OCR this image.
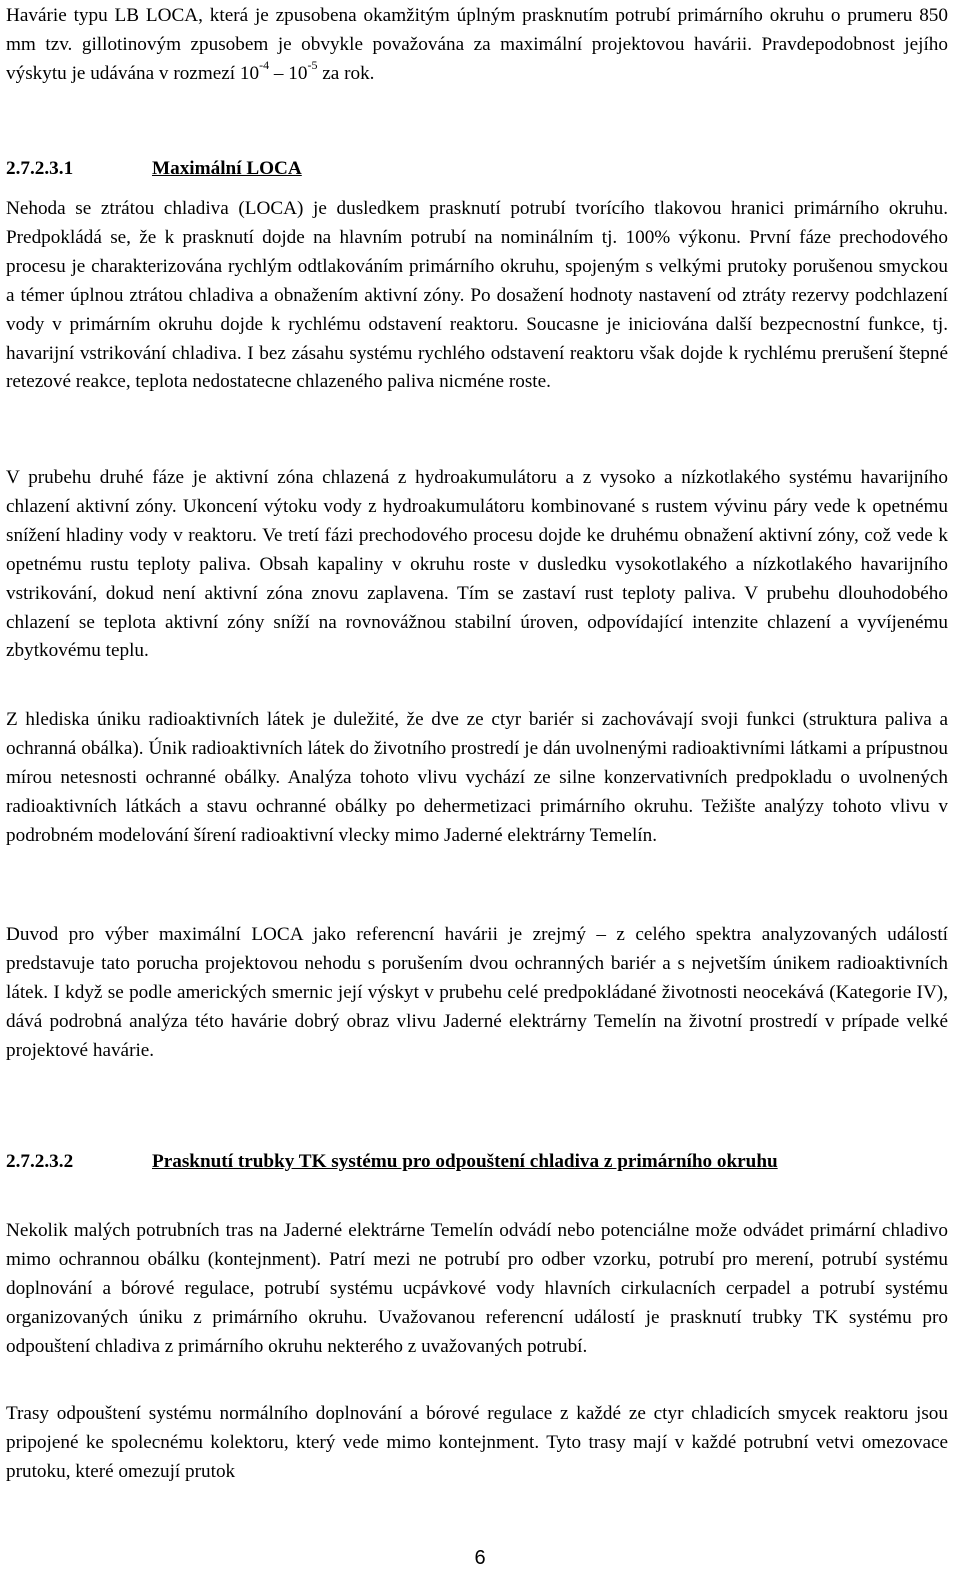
Havárie typu LB LOCA, která je zpusobena okamžitým úplným prasknutím potrubí primárního okruhu o prumeru 850 mm tzv. gillotinovým zpusobem je obvykle považována za maximální projektovou havárii. Pravdepodobnost jejího výskytu je udávána v rozmezí $10^{-4} - 10^{-5}$ za rok.

2.7.2.3.1	Maximální LOCA

Nehoda se ztrátou chladiva (LOCA) je dusledkem prasknutí potrubí tvorícího tlakovou hranici primárního okruhu. Predpokládá se, že k prasknutí dojde na hlavním potrubí na nominálním tj. 100% výkonu. První fáze prechodového procesu je charakterizována rychlým odtlakováním primárního okruhu, spojeným s velkými prutoky porušenou smyckou a témer úplnou ztrátou chladiva a obnažením aktivní zóny. Po dosažení hodnoty nastavení od ztráty rezervy podchlazení vody v primárním okruhu dojde k rychlému odstavení reaktoru. Soucasne je iniciována další bezpecnostní funkce, tj. havarijní vstrikování chladiva. I bez zásahu systému rychlého odstavení reaktoru však dojde k rychlému prerušení štepné retezové reakce, teplota nedostatecne chlazeného paliva nicméne roste.

V prubehu druhé fáze je aktivní zóna chlazená z hydroakumulátoru a z vysoko a nízkotlakého systému havarijního chlazení aktivní zóny. Ukoncení výtoku vody z hydroakumulátoru kombinované s rustem vývinu páry vede k opetnému snížení hladiny vody v reaktoru. Ve tretí fázi prechodového procesu dojde ke druhému obnažení aktivní zóny, což vede k opetnému rustu teploty paliva. Obsah kapaliny v okruhu roste v dusledku vysokotlakého a nízkotlakého havarijního vstrikování, dokud není aktivní zóna znovu zaplavena. Tím se zastaví rust teploty paliva. V prubehu dlouhodobého chlazení se teplota aktivní zóny sníží na rovnovážnou stabilní úroven, odpovídající intenzite chlazení a vyvíjenému zbytkovému teplu.

Z hlediska úniku radioaktivních látek je duležité, že dve ze ctyr bariér si zachovávají svoji funkci (struktura paliva a ochranná obálka). Únik radioaktivních látek do životního prostredí je dán uvolnenými radioaktivními látkami a prípustnou mírou netesnosti ochranné obálky. Analýza tohoto vlivu vychází ze silne konzervativních predpokladu o uvolnených radioaktivních látkách a stavu ochranné obálky po dehermetizaci primárního okruhu. Težište analýzy tohoto vlivu v podrobném modelování šírení radioaktivní vlecky mimo Jaderné elektrárny Temelín.

Duvod pro výber maximální LOCA jako referencní havárii je zrejmý – z celého spektra analyzovaných událostí predstavuje tato porucha projektovou nehodu s porušením dvou ochranných bariér a s nejvetším únikem radioaktivních látek. I když se podle amerických smernic její výskyt v prubehu celé predpokládané životnosti neocekává (Kategorie IV), dává podrobná analýza této havárie dobrý obraz vlivu Jaderné elektrárny Temelín na životní prostredí v prípade velké projektové havárie.

2.7.2.3.2	Prasknutí trubky TK systému pro odpouštení chladiva z primárního okruhu

Nekolik malých potrubních tras na Jaderné elektrárne Temelín odvádí nebo potenciálne može odvádet primární chladivo mimo ochrannou obálku (kontejnment). Patrí mezi ne potrubí pro odber vzorku, potrubí pro merení, potrubí systému doplnování a bórové regulace, potrubí systému ucpávkové vody hlavních cirkulacních cerpadel a potrubí systému organizovaných úniku z primárního okruhu. Uvažovanou referencní událostí je prasknutí trubky TK systému pro odpouštení chladiva z primárního okruhu nekterého z uvažovaných potrubí.

Trasy odpouštení systému normálního doplnování a bórové regulace z každé ze ctyr chladicích smycek reaktoru jsou pripojené ke spolecnému kolektoru, který vede mimo kontejnment. Tyto trasy mají v každé potrubní vetvi omezovace prutoku, které omezují prutok

6
